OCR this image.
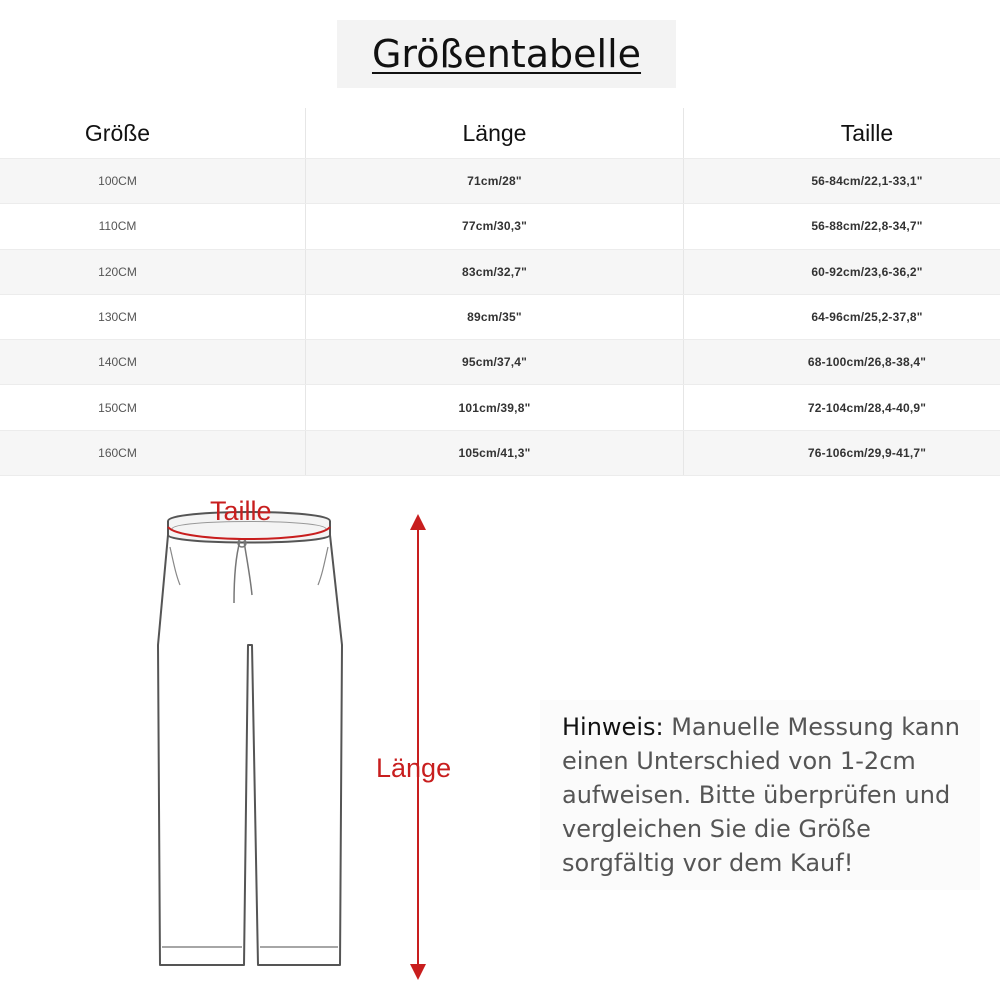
Größentabelle
Größe	Länge	Taille
100CM	71cm/28"	56-84cm/22,1-33,1"
110CM	77cm/30,3"	56-88cm/22,8-34,7"
120CM	83cm/32,7"	60-92cm/23,6-36,2"
130CM	89cm/35"	64-96cm/25,2-37,8"
140CM	95cm/37,4"	68-100cm/26,8-38,4"
150CM	101cm/39,8"	72-104cm/28,4-40,9"
160CM	105cm/41,3"	76-106cm/29,9-41,7"
Taille
Länge

Hinweis: Manuelle Messung kann einen Unterschied von 1-2cm aufweisen. Bitte überprüfen und vergleichen Sie die Größe sorgfältig vor dem Kauf!
